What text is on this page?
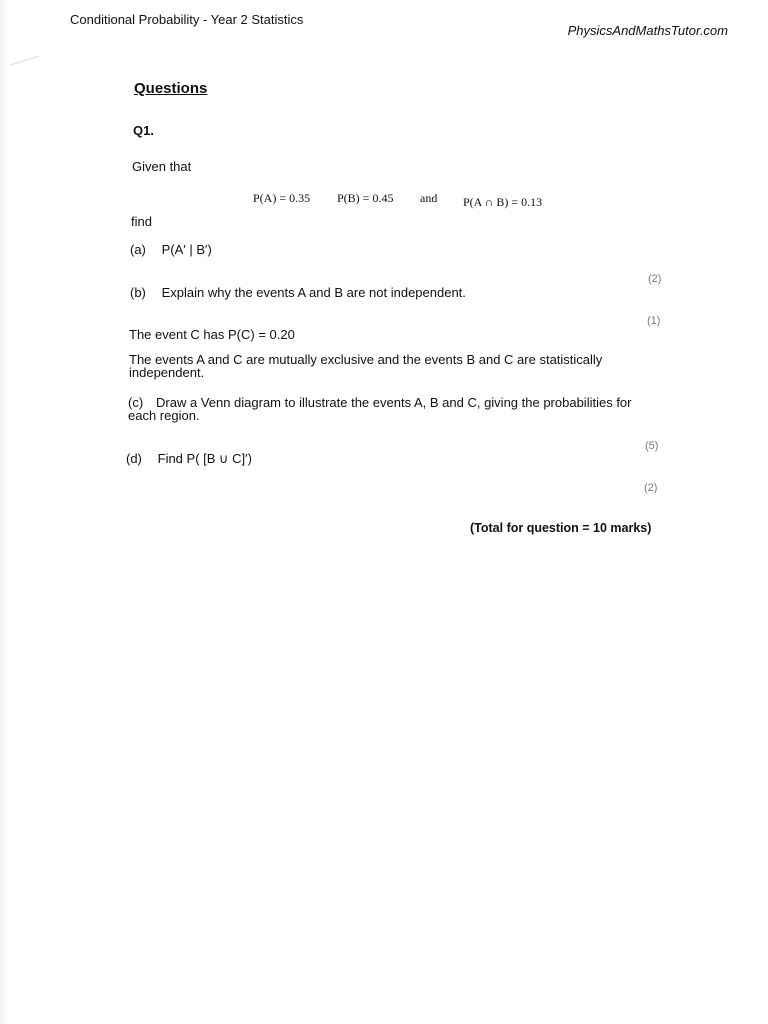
Conditional Probability - Year 2 Statistics
PhysicsAndMathsTutor.com
Questions
Q1.
Given that
P(A) = 0.35 P(B) = 0.45 and P(A ∩ B) = 0.13
find
(a) P(A′ | B′)
(2)
(b) Explain why the events A and B are not independent.
(1)
The event C has P(C) = 0.20
The events A and C are mutually exclusive and the events B and C are statistically independent.
(c) Draw a Venn diagram to illustrate the events A, B and C, giving the probabilities for each region.
(5)
(d) Find P( [B ∪ C]′)
(2)
(Total for question = 10 marks)
